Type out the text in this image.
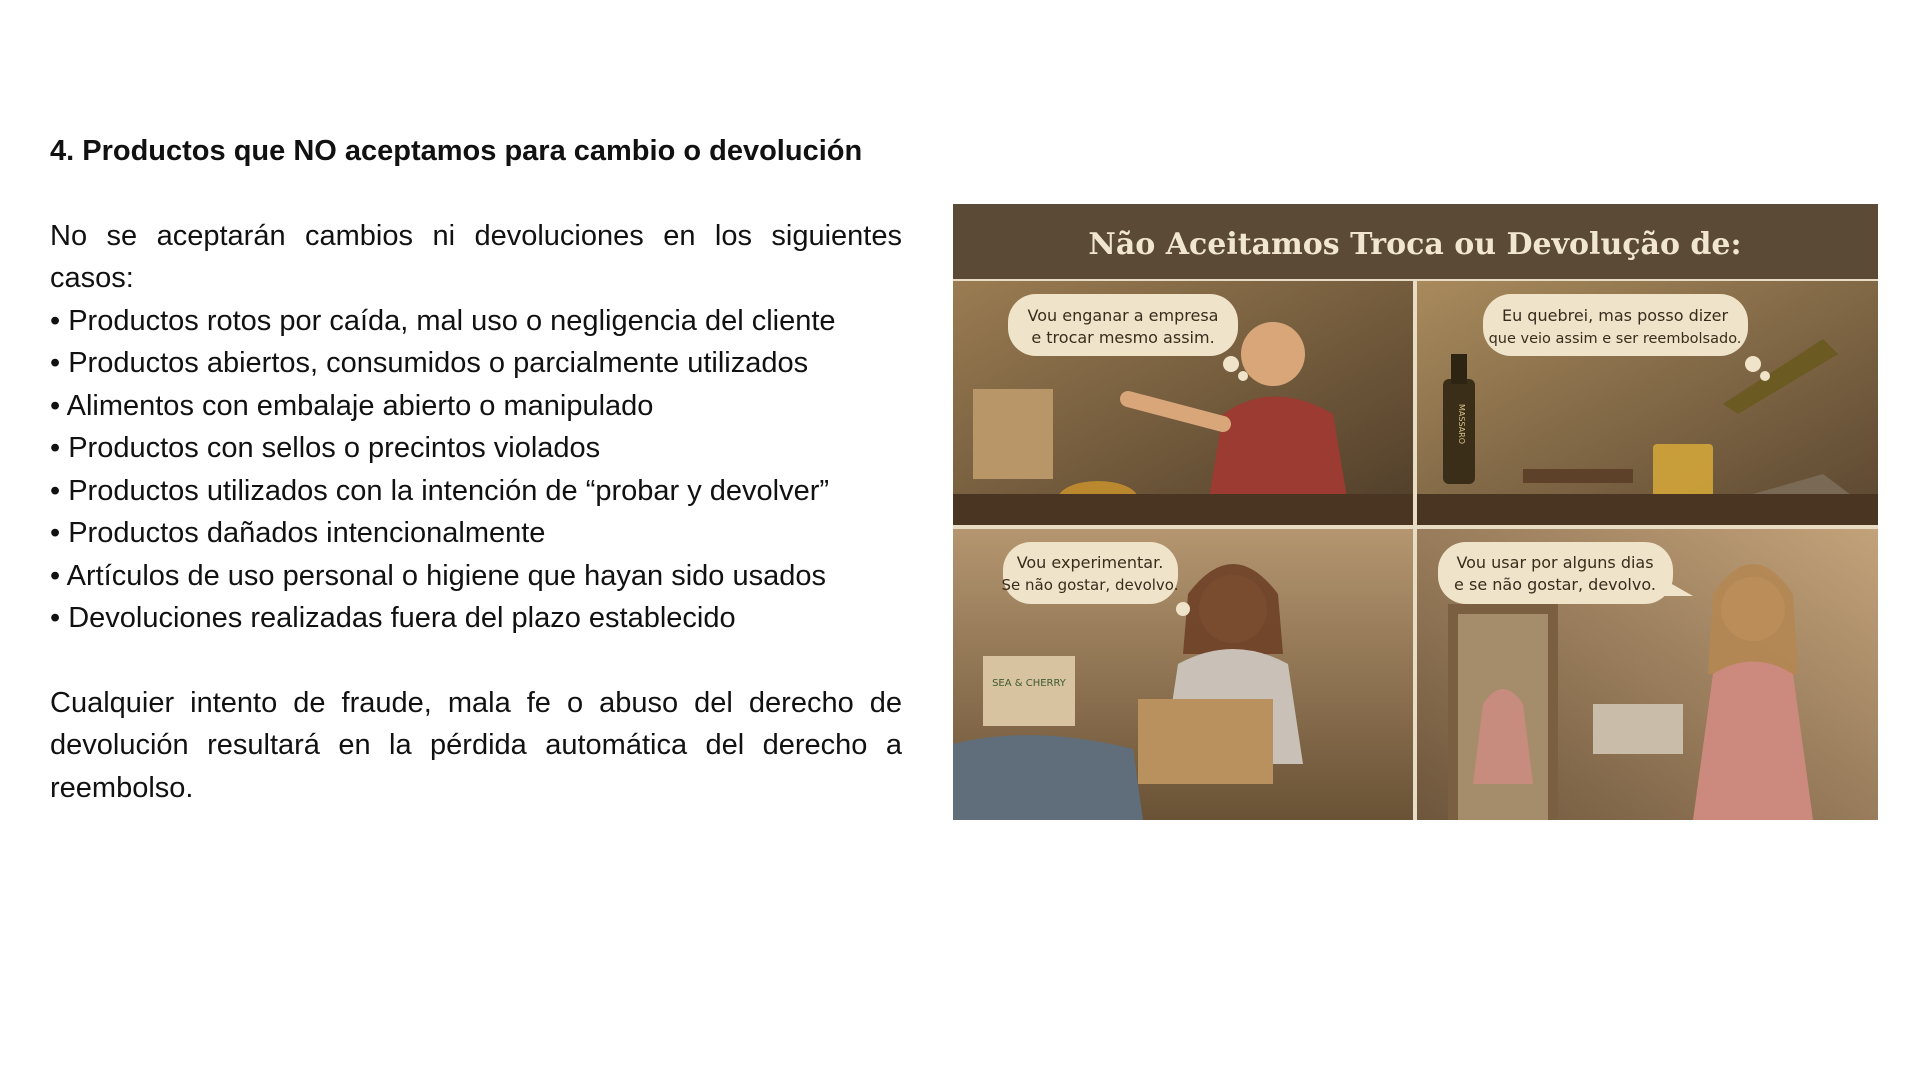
4. Productos que NO aceptamos para cambio o devolución

No se aceptarán cambios ni devoluciones en los siguientes casos:

• Productos rotos por caída, mal uso o negligencia del cliente
• Productos abiertos, consumidos o parcialmente utilizados
• Alimentos con embalaje abierto o manipulado
• Productos con sellos o precintos violados
• Productos utilizados con la intención de “probar y devolver”
• Productos dañados intencionalmente
• Artículos de uso personal o higiene que hayan sido usados
• Devoluciones realizadas fuera del plazo establecido

Cualquier intento de fraude, mala fe o abuso del derecho de devolución resultará en la pérdida automática del derecho a reembolso.

Não Aceitamos Troca ou Devolução de:
Vou enganar a empresa
e trocar mesmo assim.
MASSARO
Eu quebrei, mas posso dizer
que veio assim e ser reembolsado.
SEA & CHERRY
Vou experimentar.
Se não gostar, devolvo.
Vou usar por alguns dias
e se não gostar, devolvo.
